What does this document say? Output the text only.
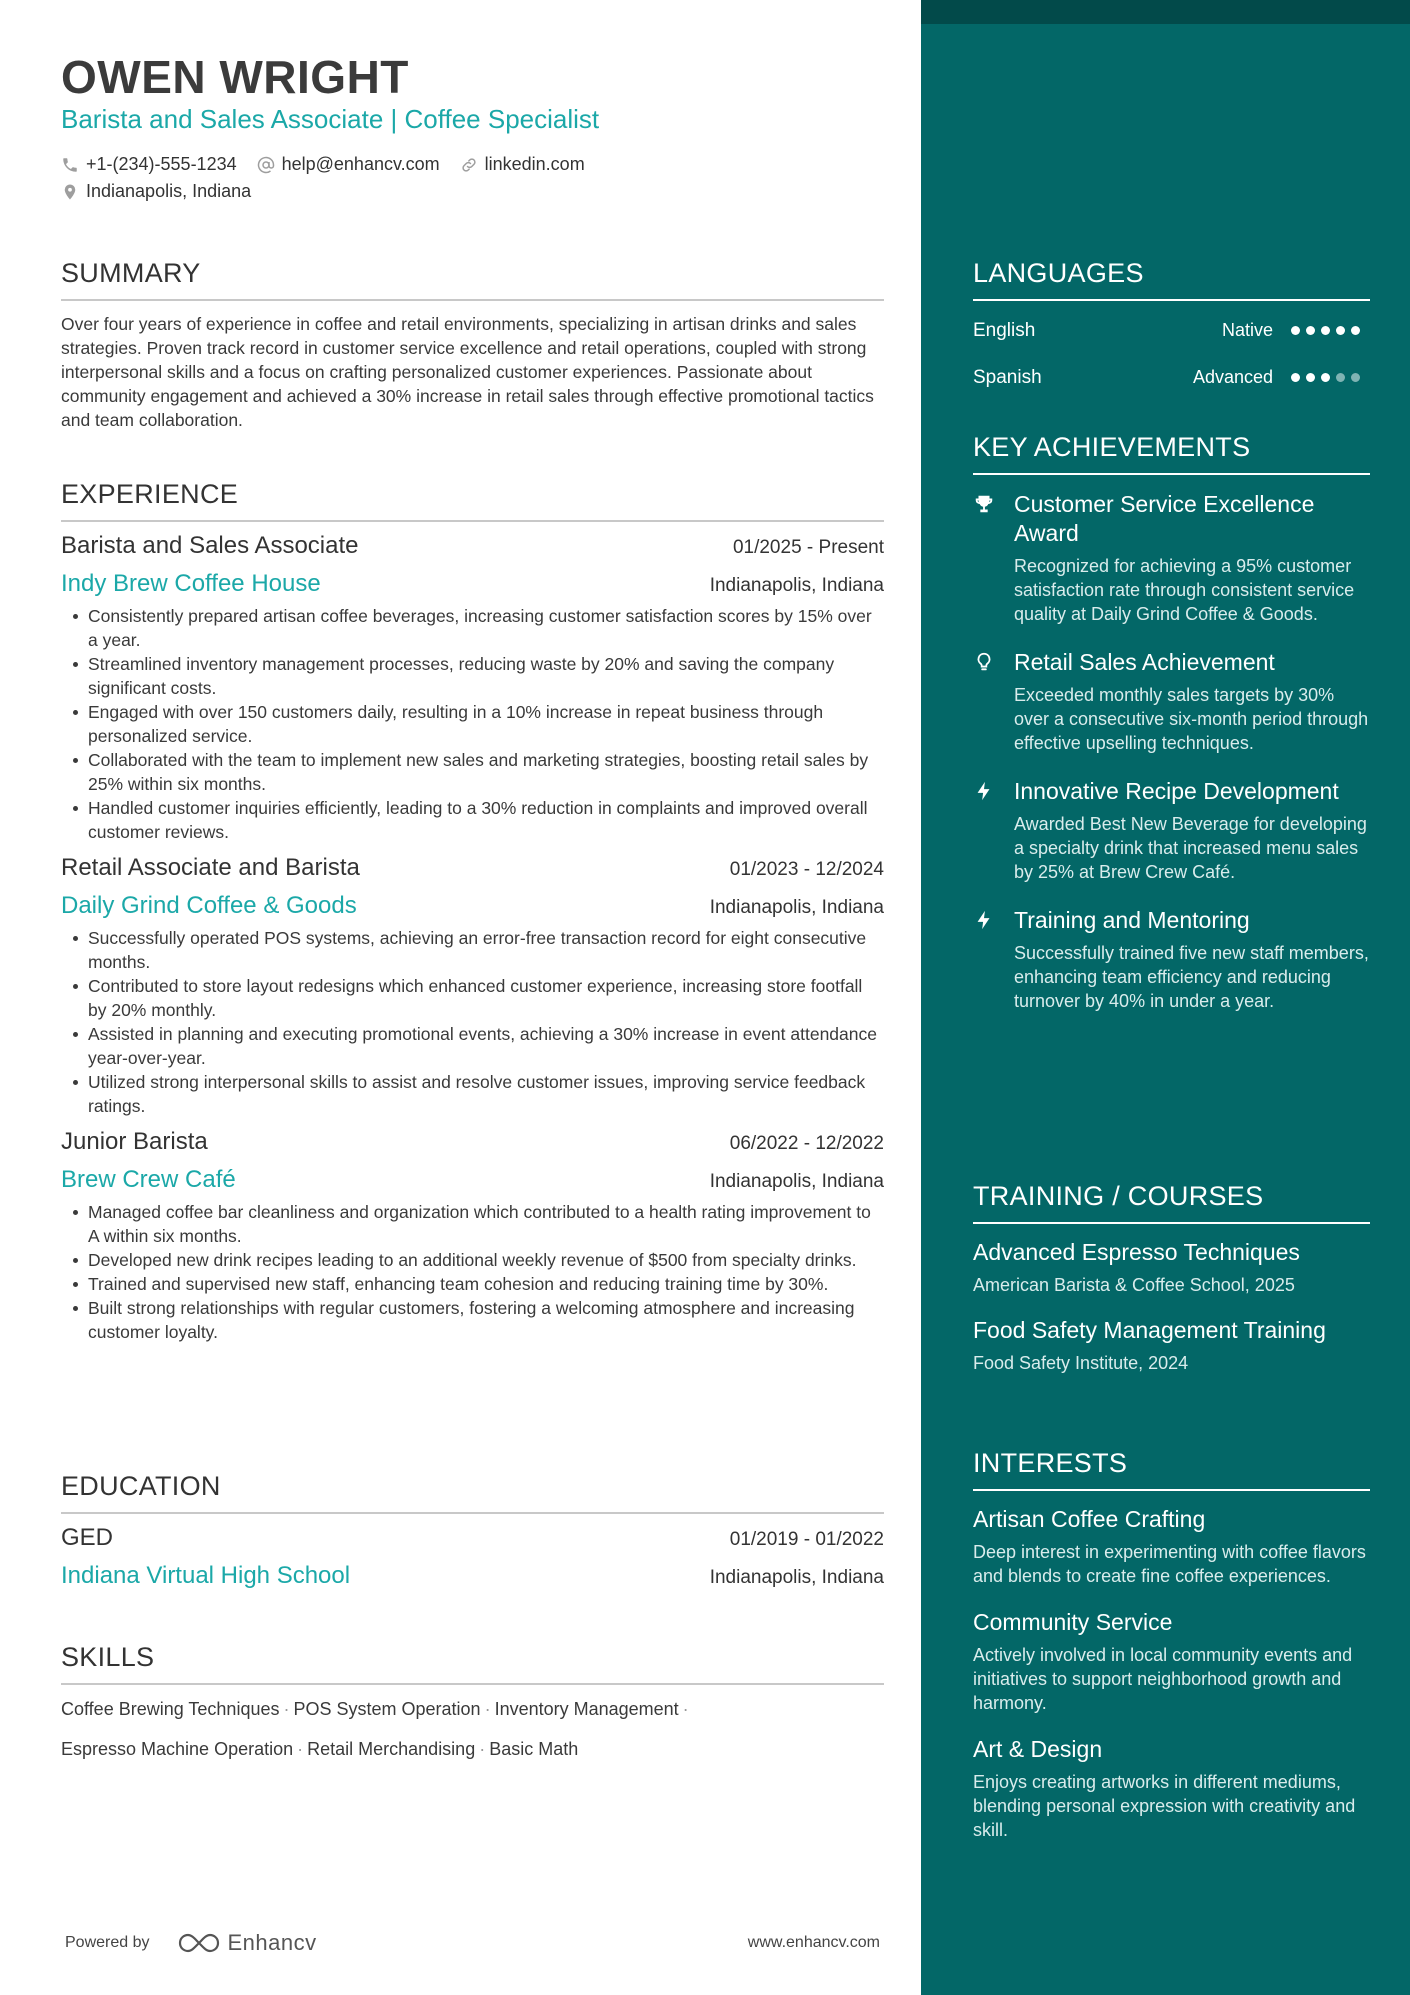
OWEN WRIGHT
Barista and Sales Associate | Coffee Specialist
+1-(234)-555-1234	help@enhancv.com	linkedin.com
Indianapolis, Indiana
SUMMARY
Over four years of experience in coffee and retail environments, specializing in artisan drinks and sales strategies. Proven track record in customer service excellence and retail operations, coupled with strong interpersonal skills and a focus on crafting personalized customer experiences. Passionate about community engagement and achieved a 30% increase in retail sales through effective promotional tactics and team collaboration.
EXPERIENCE
Barista and Sales Associate	01/2025 - Present
Indy Brew Coffee House	Indianapolis, Indiana
Consistently prepared artisan coffee beverages, increasing customer satisfaction scores by 15% over a year.
Streamlined inventory management processes, reducing waste by 20% and saving the company significant costs.
Engaged with over 150 customers daily, resulting in a 10% increase in repeat business through personalized service.
Collaborated with the team to implement new sales and marketing strategies, boosting retail sales by 25% within six months.
Handled customer inquiries efficiently, leading to a 30% reduction in complaints and improved overall customer reviews.
Retail Associate and Barista	01/2023 - 12/2024
Daily Grind Coffee & Goods	Indianapolis, Indiana
Successfully operated POS systems, achieving an error-free transaction record for eight consecutive months.
Contributed to store layout redesigns which enhanced customer experience, increasing store footfall by 20% monthly.
Assisted in planning and executing promotional events, achieving a 30% increase in event attendance year-over-year.
Utilized strong interpersonal skills to assist and resolve customer issues, improving service feedback ratings.
Junior Barista	06/2022 - 12/2022
Brew Crew Café	Indianapolis, Indiana
Managed coffee bar cleanliness and organization which contributed to a health rating improvement to A within six months.
Developed new drink recipes leading to an additional weekly revenue of $500 from specialty drinks.
Trained and supervised new staff, enhancing team cohesion and reducing training time by 30%.
Built strong relationships with regular customers, fostering a welcoming atmosphere and increasing customer loyalty.
EDUCATION
GED	01/2019 - 01/2022
Indiana Virtual High School	Indianapolis, Indiana
SKILLS
Coffee Brewing Techniques · POS System Operation · Inventory Management ·
Espresso Machine Operation · Retail Merchandising · Basic Math
Powered by	Enhancv	www.enhancv.com
LANGUAGES
English	Native
Spanish	Advanced
KEY ACHIEVEMENTS
Customer Service Excellence Award
Recognized for achieving a 95% customer satisfaction rate through consistent service quality at Daily Grind Coffee & Goods.
Retail Sales Achievement
Exceeded monthly sales targets by 30% over a consecutive six-month period through effective upselling techniques.
Innovative Recipe Development
Awarded Best New Beverage for developing a specialty drink that increased menu sales by 25% at Brew Crew Café.
Training and Mentoring
Successfully trained five new staff members, enhancing team efficiency and reducing turnover by 40% in under a year.
TRAINING / COURSES
Advanced Espresso Techniques
American Barista & Coffee School, 2025
Food Safety Management Training
Food Safety Institute, 2024
INTERESTS
Artisan Coffee Crafting
Deep interest in experimenting with coffee flavors and blends to create fine coffee experiences.
Community Service
Actively involved in local community events and initiatives to support neighborhood growth and harmony.
Art & Design
Enjoys creating artworks in different mediums, blending personal expression with creativity and skill.
